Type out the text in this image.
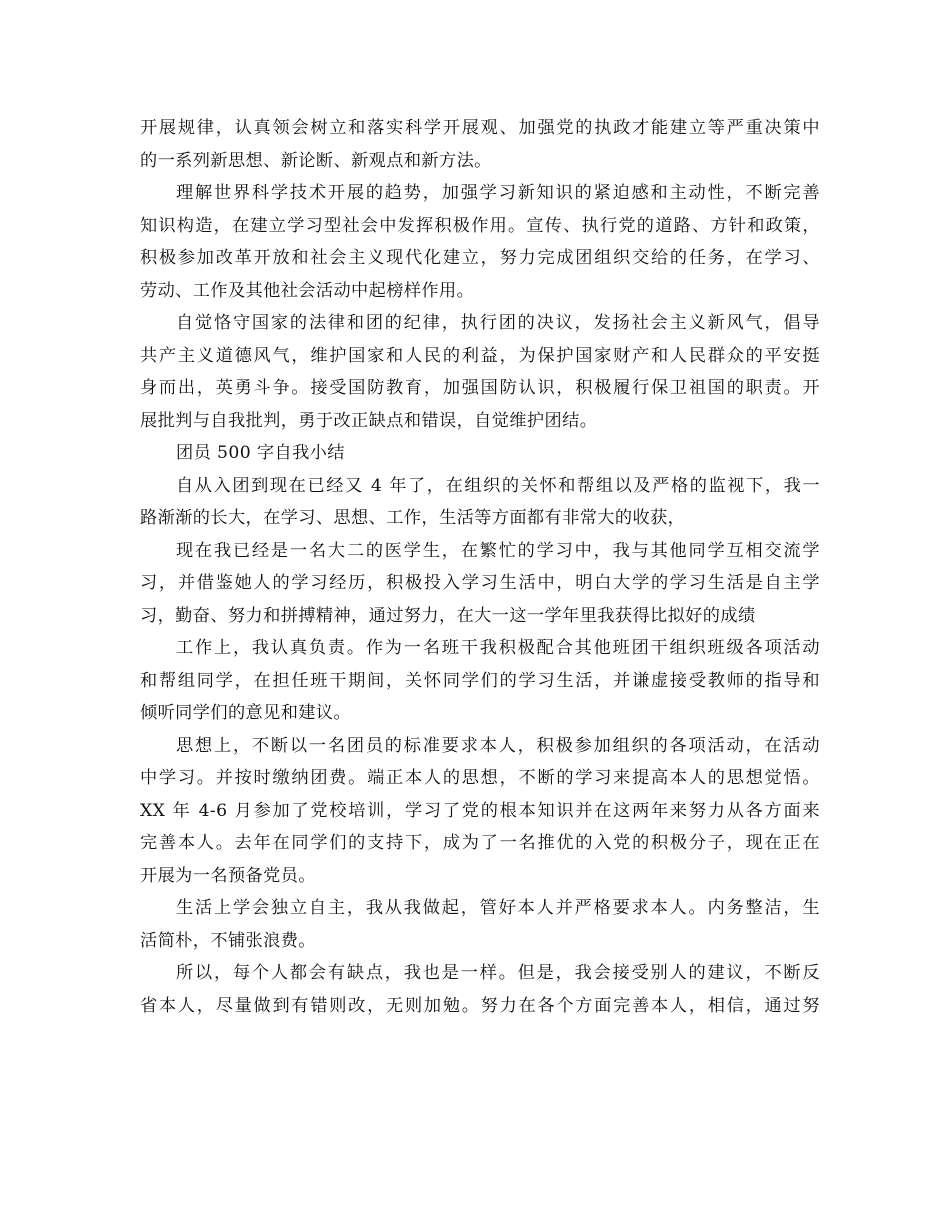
开展规律，认真领会树立和落实科学开展观、加强党的执政才能建立等严重决策中
的一系列新思想、新论断、新观点和新方法。
理解世界科学技术开展的趋势，加强学习新知识的紧迫感和主动性，不断完善
知识构造，在建立学习型社会中发挥积极作用。宣传、执行党的道路、方针和政策，
积极参加改革开放和社会主义现代化建立，努力完成团组织交给的任务，在学习、
劳动、工作及其他社会活动中起榜样作用。
自觉恪守国家的法律和团的纪律，执行团的决议，发扬社会主义新风气，倡导
共产主义道德风气，维护国家和人民的利益，为保护国家财产和人民群众的平安挺
身而出，英勇斗争。接受国防教育，加强国防认识，积极履行保卫祖国的职责。开
展批判与自我批判，勇于改正缺点和错误，自觉维护团结。
团员 500 字自我小结
自从入团到现在已经又 4 年了，在组织的关怀和帮组以及严格的监视下，我一
路渐渐的长大，在学习、思想、工作，生活等方面都有非常大的收获，
现在我已经是一名大二的医学生，在繁忙的学习中，我与其他同学互相交流学
习，并借鉴她人的学习经历，积极投入学习生活中，明白大学的学习生活是自主学
习，勤奋、努力和拼搏精神，通过努力，在大一这一学年里我获得比拟好的成绩
工作上，我认真负责。作为一名班干我积极配合其他班团干组织班级各项活动
和帮组同学，在担任班干期间，关怀同学们的学习生活，并谦虚接受教师的指导和
倾听同学们的意见和建议。
思想上，不断以一名团员的标准要求本人，积极参加组织的各项活动，在活动
中学习。并按时缴纳团费。端正本人的思想，不断的学习来提高本人的思想觉悟。
XX 年 4-6 月参加了党校培训，学习了党的根本知识并在这两年来努力从各方面来
完善本人。去年在同学们的支持下，成为了一名推优的入党的积极分子，现在正在
开展为一名预备党员。
生活上学会独立自主，我从我做起，管好本人并严格要求本人。内务整洁，生
活简朴，不铺张浪费。
所以，每个人都会有缺点，我也是一样。但是，我会接受别人的建议，不断反
省本人，尽量做到有错则改，无则加勉。努力在各个方面完善本人，相信，通过努
